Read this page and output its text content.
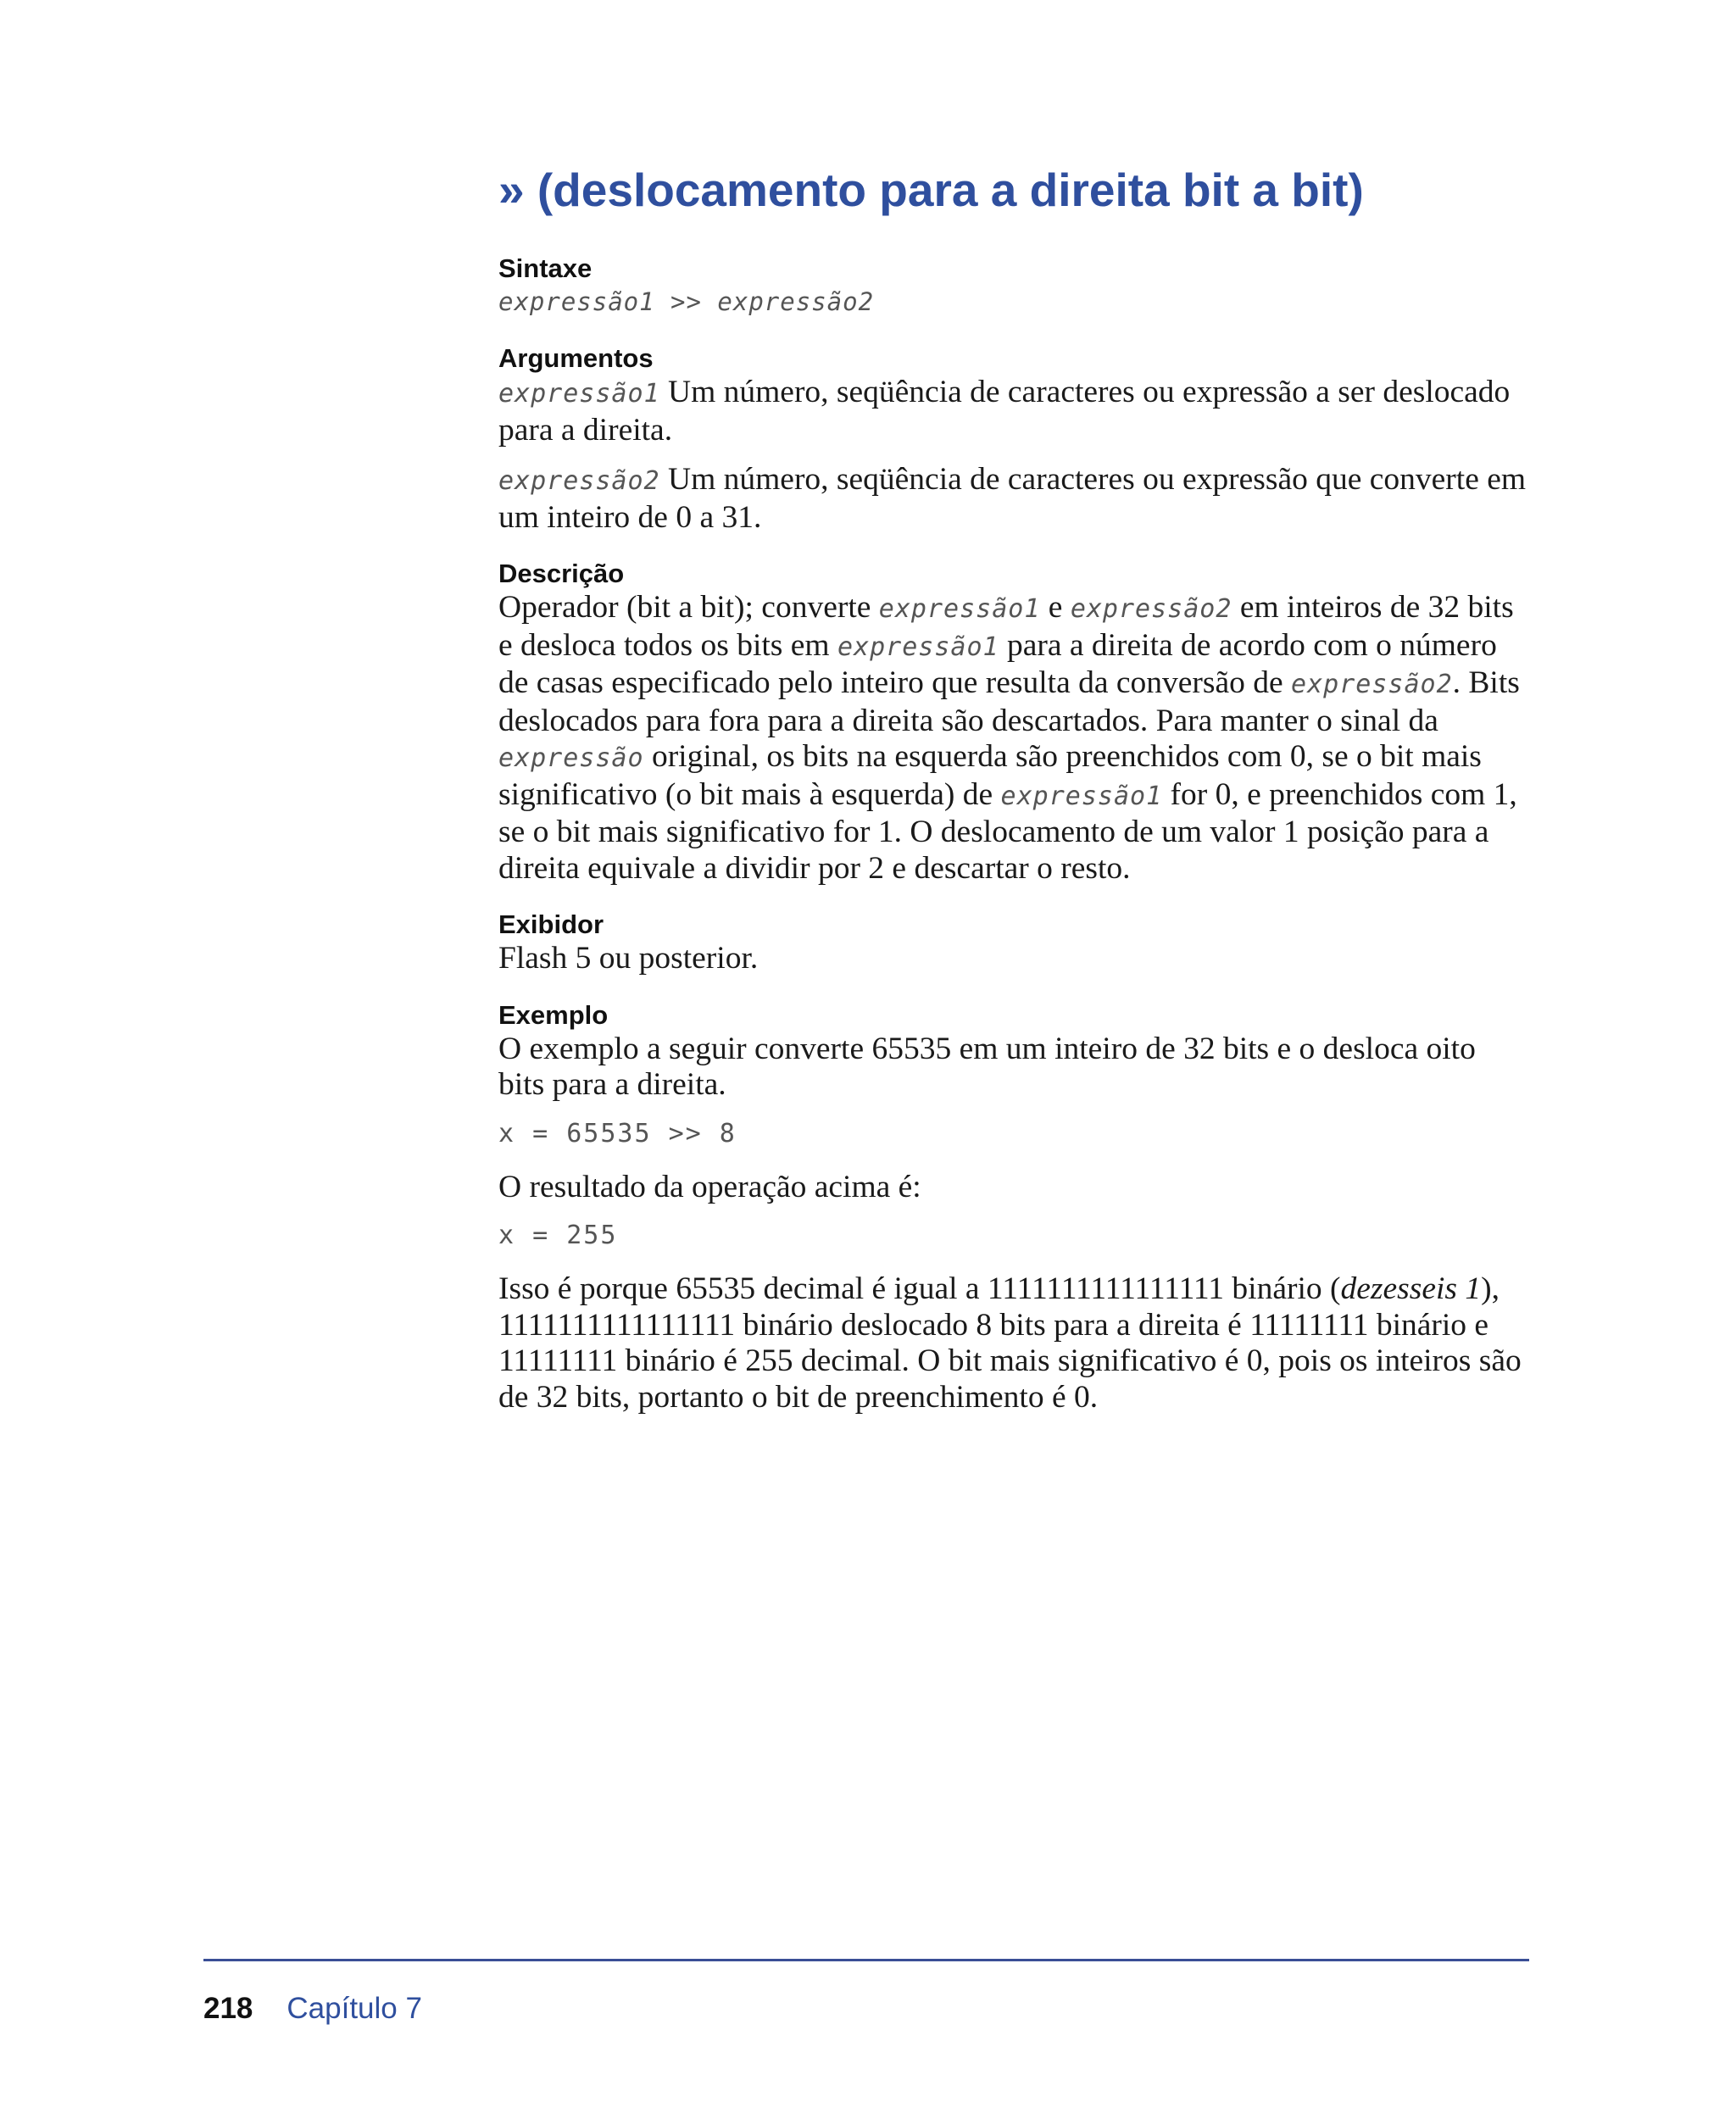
» (deslocamento para a direita bit a bit)
Sintaxe
expressão1 >> expressão2
Argumentos

expressão1 Um número, seqüência de caracteres ou expressão a ser deslocado para a direita.

expressão2 Um número, seqüência de caracteres ou expressão que converte em um inteiro de 0 a 31.

Descrição

Operador (bit a bit); converte expressão1 e expressão2 em inteiros de 32 bits e desloca todos os bits em expressão1 para a direita de acordo com o número de casas especificado pelo inteiro que resulta da conversão de expressão2. Bits deslocados para fora para a direita são descartados. Para manter o sinal da expressão original, os bits na esquerda são preenchidos com 0, se o bit mais significativo (o bit mais à esquerda) de expressão1 for 0, e preenchidos com 1, se o bit mais significativo for 1. O deslocamento de um valor 1 posição para a direita equivale a dividir por 2 e descartar o resto.

Exibidor

Flash 5 ou posterior.

Exemplo

O exemplo a seguir converte 65535 em um inteiro de 32 bits e o desloca oito bits para a direita.

x = 65535 >> 8

O resultado da operação acima é:

x = 255

Isso é porque 65535 decimal é igual a 1111111111111111 binário (dezesseis 1), 1111111111111111 binário deslocado 8 bits para a direita é 11111111 binário e 11111111 binário é 255 decimal. O bit mais significativo é 0, pois os inteiros são de 32 bits, portanto o bit de preenchimento é 0.

218 Capítulo 7
